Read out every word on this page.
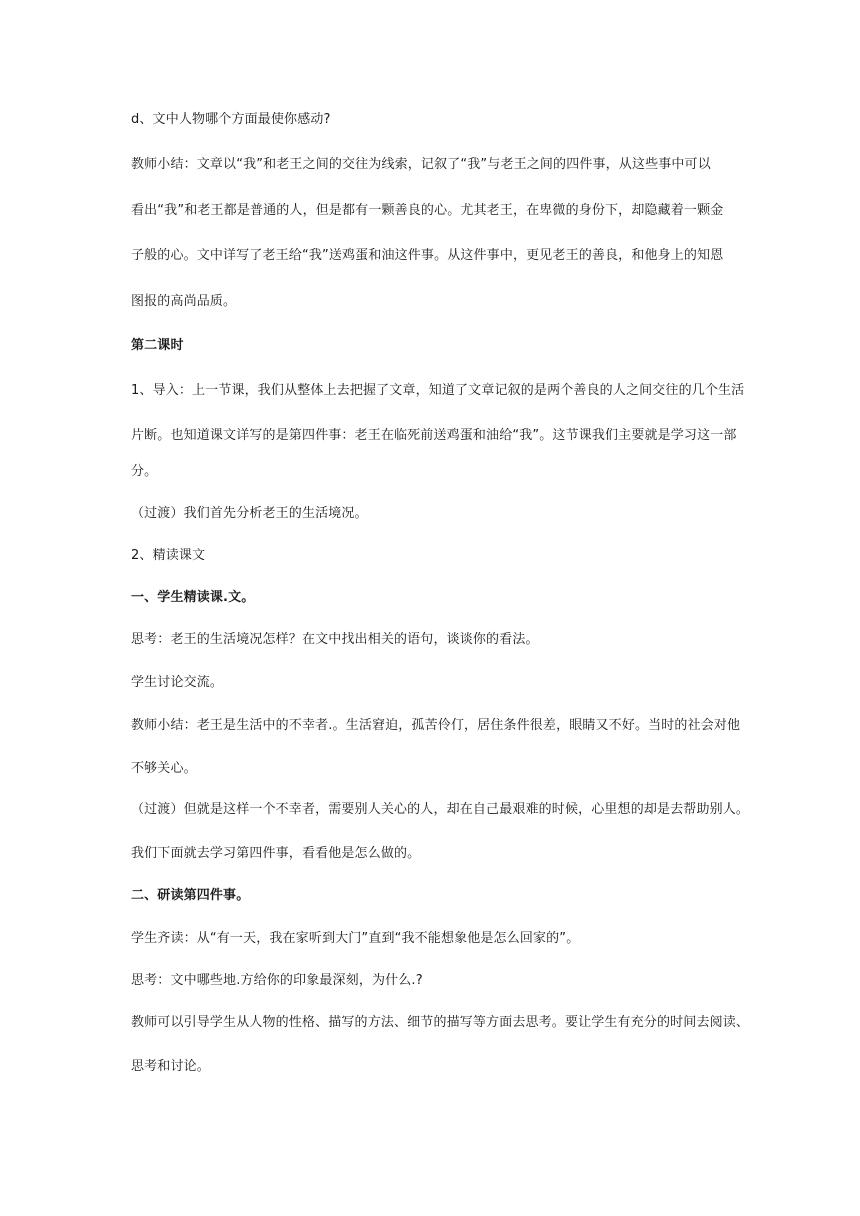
d、文中人物哪个方面最使你感动?
教师小结：文章以“我”和老王之间的交往为线索，记叙了“我”与老王之间的四件事，从这些事中可以
看出“我”和老王都是普通的人，但是都有一颗善良的心。尤其老王，在卑微的身份下，却隐藏着一颗金
子般的心。文中详写了老王给“我”送鸡蛋和油这件事。从这件事中，更见老王的善良，和他身上的知恩
图报的高尚品质。
第二课时
1、导入：上一节课，我们从整体上去把握了文章，知道了文章记叙的是两个善良的人之间交往的几个生活
片断。也知道课文详写的是第四件事：老王在临死前送鸡蛋和油给“我”。这节课我们主要就是学习这一部
分。
（过渡）我们首先分析老王的生活境况。
2、精读课文
一、学生精读课.文。
思考：老王的生活境况怎样？在文中找出相关的语句，谈谈你的看法。
学生讨论交流。
教师小结：老王是生活中的不幸者.。生活窘迫，孤苦伶仃，居住条件很差，眼睛又不好。当时的社会对他
不够关心。
（过渡）但就是这样一个不幸者，需要别人关心的人，却在自己最艰难的时候，心里想的却是去帮助别人。
我们下面就去学习第四件事，看看他是怎么做的。
二、研读第四件事。
学生齐读：从“有一天，我在家听到大门”直到“我不能想象他是怎么回家的”。
思考：文中哪些地.方给你的印象最深刻，为什么.?
教师可以引导学生从人物的性格、描写的方法、细节的描写等方面去思考。要让学生有充分的时间去阅读、
思考和讨论。
